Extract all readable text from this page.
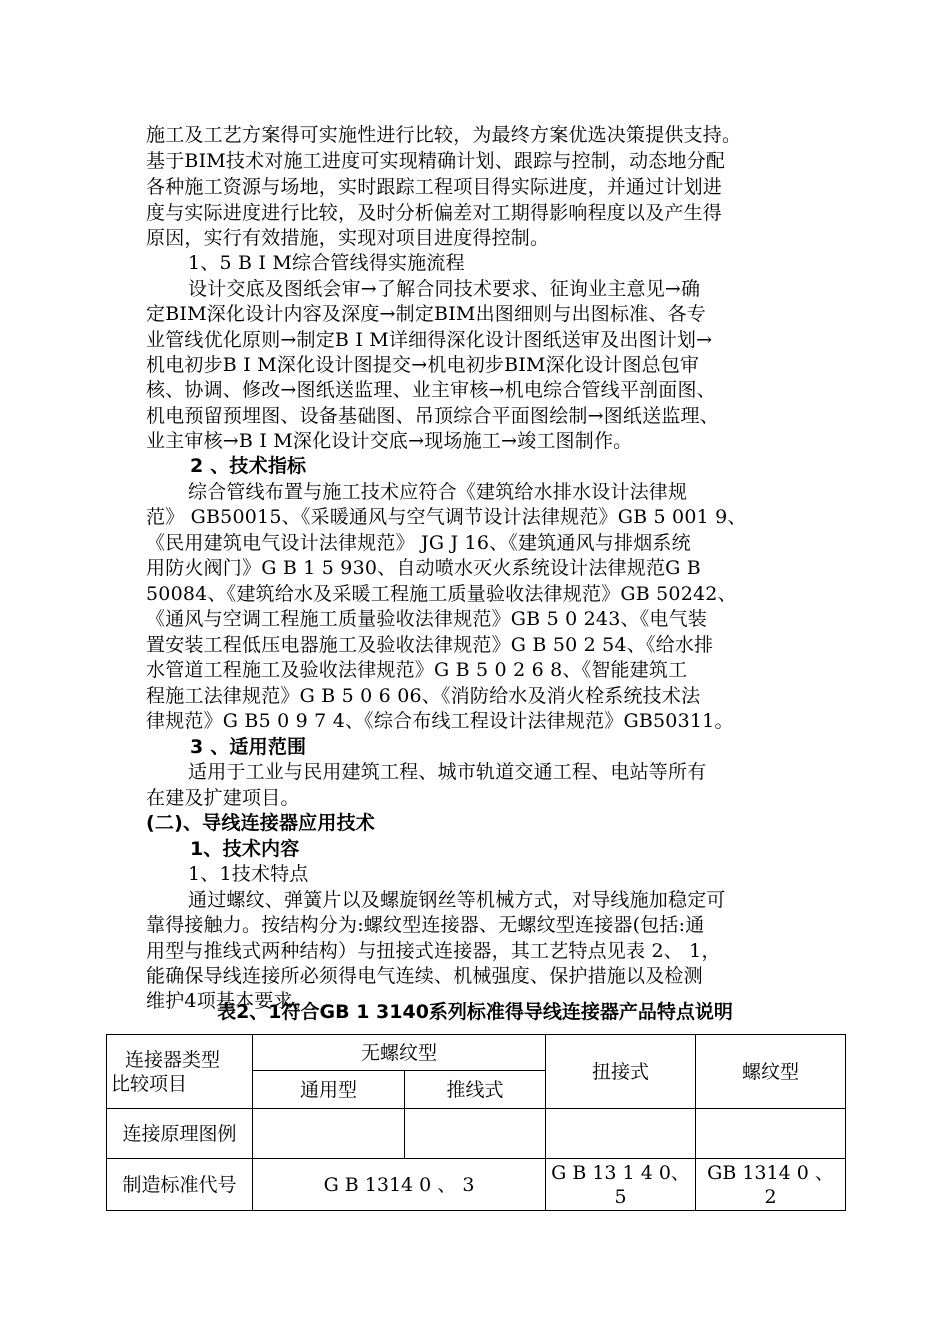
施工及工艺方案得可实施性进行比较，为最终方案优选决策提供支持。
基于BIM技术对施工进度可实现精确计划、跟踪与控制，动态地分配
各种施工资源与场地，实时跟踪工程项目得实际进度，并通过计划进
度与实际进度进行比较，及时分析偏差对工期得影响程度以及产生得
原因，实行有效措施，实现对项目进度得控制。
1、5 B I M综合管线得实施流程
设计交底及图纸会审→了解合同技术要求、征询业主意见→确
定BIM深化设计内容及深度→制定BIM出图细则与出图标准、各专
业管线优化原则→制定B I M详细得深化设计图纸送审及出图计划→
机电初步B I M深化设计图提交→机电初步BIM深化设计图总包审
核、协调、修改→图纸送监理、业主审核→机电综合管线平剖面图、
机电预留预埋图、设备基础图、吊顶综合平面图绘制→图纸送监理、
业主审核→B I M深化设计交底→现场施工→竣工图制作。
2 、技术指标
综合管线布置与施工技术应符合《建筑给水排水设计法律规
范》 GB50015、《采暖通风与空气调节设计法律规范》GB 5 001 9、
《民用建筑电气设计法律规范》 JG J 16、《建筑通风与排烟系统
用防火阀门》G B 1 5 930、自动喷水灭火系统设计法律规范G B
50084、《建筑给水及采暖工程施工质量验收法律规范》GB 50242、
《通风与空调工程施工质量验收法律规范》GB 5 0 243、《电气装
置安装工程低压电器施工及验收法律规范》G B 50 2 54、《给水排
水管道工程施工及验收法律规范》G B 5 0 2 6 8、《智能建筑工
程施工法律规范》G B 5 0 6 06、《消防给水及消火栓系统技术法
律规范》G B5 0 9 7 4、《综合布线工程设计法律规范》GB50311。
3 、适用范围
适用于工业与民用建筑工程、城市轨道交通工程、电站等所有
在建及扩建项目。
(二)、导线连接器应用技术
1、技术内容
1、1技术特点
通过螺纹、弹簧片以及螺旋钢丝等机械方式，对导线施加稳定可
靠得接触力。按结构分为:螺纹型连接器、无螺纹型连接器(包括:通
用型与推线式两种结构）与扭接式连接器，其工艺特点见表 2、 1，
能确保导线连接所必须得电气连续、机械强度、保护措施以及检测
维护4项基本要求。
表2、1符合GB 1 3140系列标准得导线连接器产品特点说明
连接器类型
比较项目	无螺纹型		扭接式	螺纹型
	通用型	推线式		
连接原理图例				
制造标准代号	G B 1314 0 、 3		G B 13 1 4 0、5	GB 1314 0 、 2
